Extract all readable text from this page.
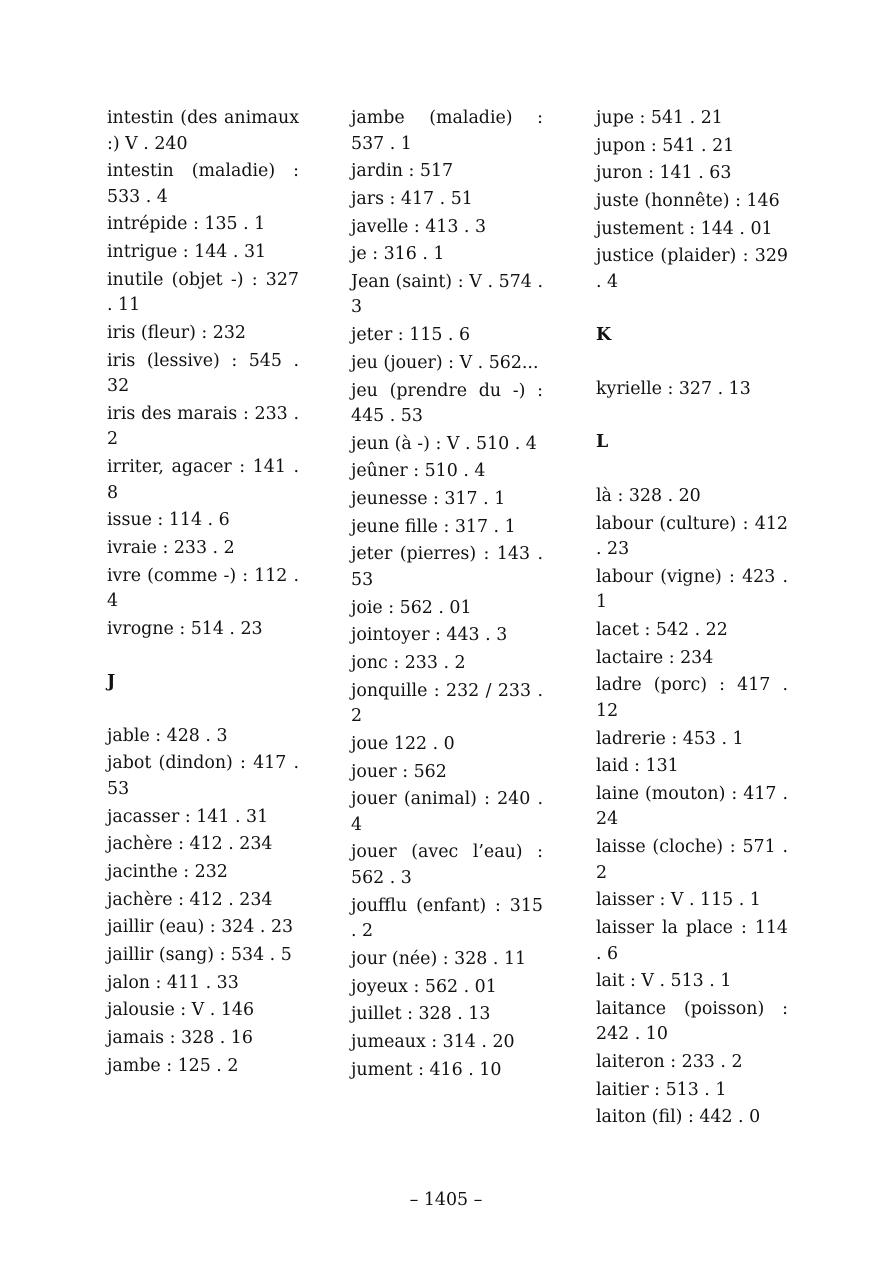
intestin (des animaux :) V . 240
intestin (maladie) : 533 . 4
intrépide : 135 . 1
intrigue : 144 . 31
inutile (objet -) : 327 . 11
iris (fleur) : 232
iris (lessive) : 545 . 32
iris des marais : 233 . 2
irriter, agacer : 141 . 8
issue : 114 . 6
ivraie : 233 . 2
ivre (comme -) : 112 . 4
ivrogne : 514 . 23
J
jable : 428 . 3
jabot (dindon) : 417 . 53
jacasser : 141 . 31
jachère : 412 . 234
jacinthe : 232
jachère : 412 . 234
jaillir (eau) : 324 . 23
jaillir (sang) : 534 . 5
jalon : 411 . 33
jalousie : V . 146
jamais : 328 . 16
jambe : 125 . 2
jambe (maladie) : 537 . 1
jardin : 517
jars : 417 . 51
javelle : 413 . 3
je : 316 . 1
Jean (saint) : V . 574 . 3
jeter : 115 . 6
jeu (jouer) : V . 562...
jeu (prendre du -) : 445 . 53
jeun (à -) : V . 510 . 4
jeûner : 510 . 4
jeunesse : 317 . 1
jeune fille : 317 . 1
jeter (pierres) : 143 . 53
joie : 562 . 01
jointoyer : 443 . 3
jonc : 233 . 2
jonquille : 232 / 233 . 2
joue 122 . 0
jouer : 562
jouer (animal) : 240 . 4
jouer (avec l’eau) : 562 . 3
joufflu (enfant) : 315 . 2
jour (née) : 328 . 11
joyeux : 562 . 01
juillet : 328 . 13
jumeaux : 314 . 20
jument : 416 . 10
jupe : 541 . 21
jupon : 541 . 21
juron : 141 . 63
juste (honnête) : 146
justement : 144 . 01
justice (plaider) : 329 . 4
K
kyrielle : 327 . 13
L
là : 328 . 20
labour (culture) : 412 . 23
labour (vigne) : 423 . 1
lacet : 542 . 22
lactaire : 234
ladre (porc) : 417 . 12
ladrerie : 453 . 1
laid : 131
laine (mouton) : 417 . 24
laisse (cloche) : 571 . 2
laisser : V . 115 . 1
laisser la place : 114 . 6
lait : V . 513 . 1
laitance (poisson) : 242 . 10
laiteron : 233 . 2
laitier : 513 . 1
laiton (fil) : 442 . 0
– 1405 –
